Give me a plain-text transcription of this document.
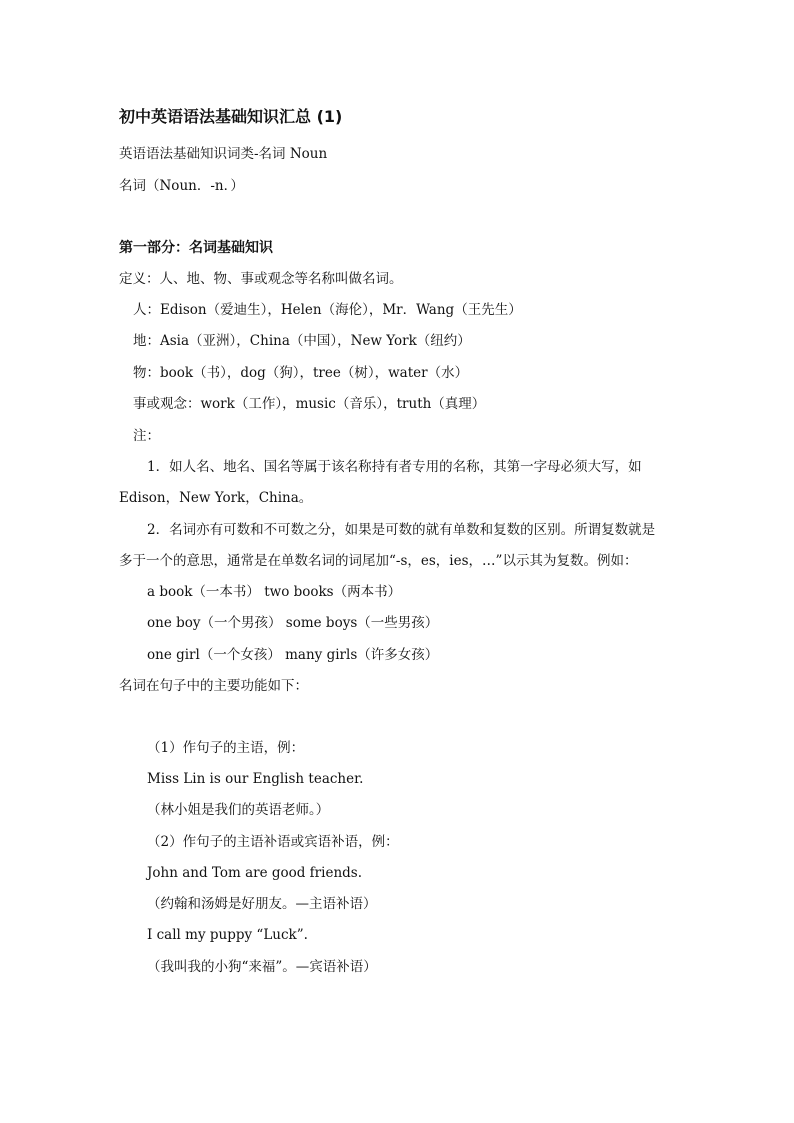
初中英语语法基础知识汇总 (1)
英语语法基础知识词类-名词 Noun
名词（Noun．-n．）
第一部分：名词基础知识
定义：人、地、物、事或观念等名称叫做名词。
人：Edison（爱迪生），Helen（海伦），Mr．Wang（王先生）
地：Asia（亚洲），China（中国），New York（纽约）
物：book（书），dog（狗），tree（树），water（水）
事或观念：work（工作），music（音乐），truth（真理）
注：
1．如人名、地名、国名等属于该名称持有者专用的名称，其第一字母必须大写，如
Edison，New York，China。
2．名词亦有可数和不可数之分，如果是可数的就有单数和复数的区别。所谓复数就是
多于一个的意思，通常是在单数名词的词尾加“-s，es，ies，…”以示其为复数。例如：
a book（一本书） two books（两本书）
one boy（一个男孩） some boys（一些男孩）
one girl（一个女孩） many girls（许多女孩）
名词在句子中的主要功能如下：
（1）作句子的主语，例：
Miss Lin is our English teacher.
（林小姐是我们的英语老师。）
（2）作句子的主语补语或宾语补语，例：
John and Tom are good friends.
（约翰和汤姆是好朋友。—主语补语）
I call my puppy “Luck”.
（我叫我的小狗“来福”。—宾语补语）
